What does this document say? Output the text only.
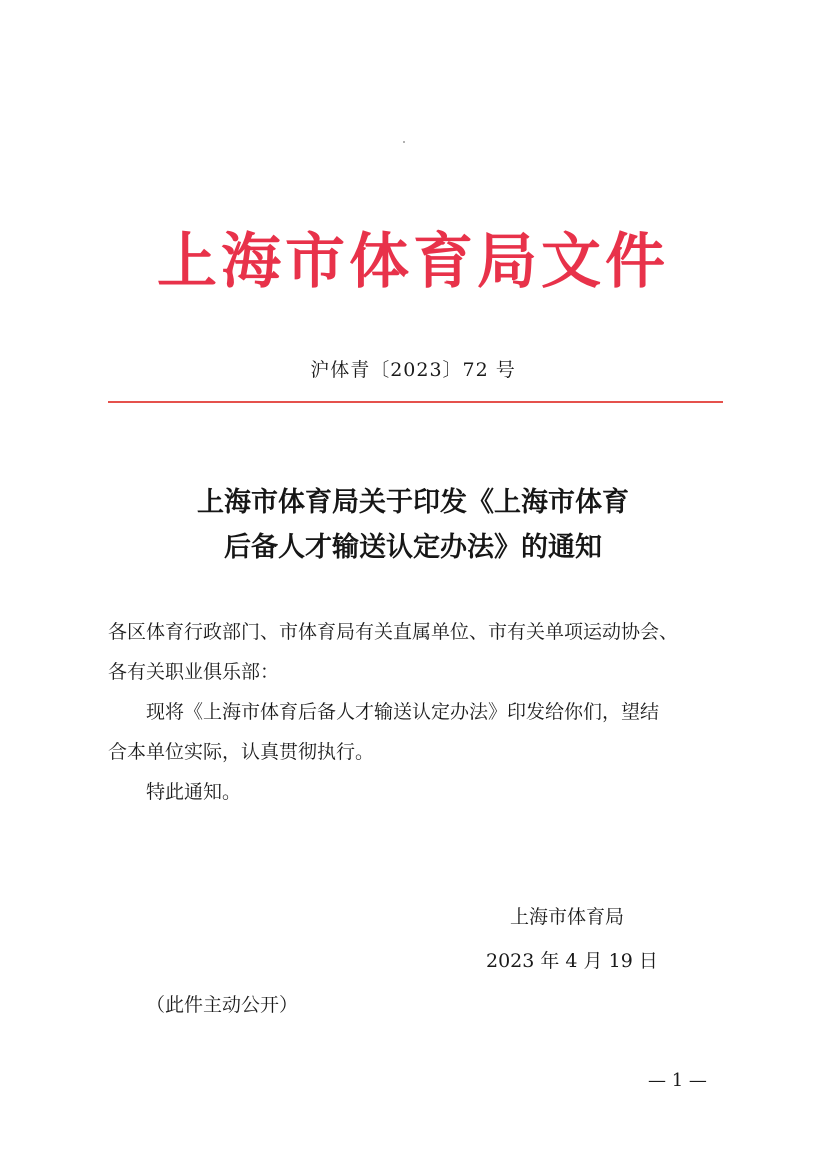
上海市体育局文件
沪体青〔2023〕72 号
上海市体育局关于印发《上海市体育
后备人才输送认定办法》的通知

各区体育行政部门、市体育局有关直属单位、市有关单项运动协会、

各有关职业俱乐部：

现将《上海市体育后备人才输送认定办法》印发给你们，望结

合本单位实际，认真贯彻执行。

特此通知。

上海市体育局
2023 年 4 月 19 日
（此件主动公开）
— 1 —
